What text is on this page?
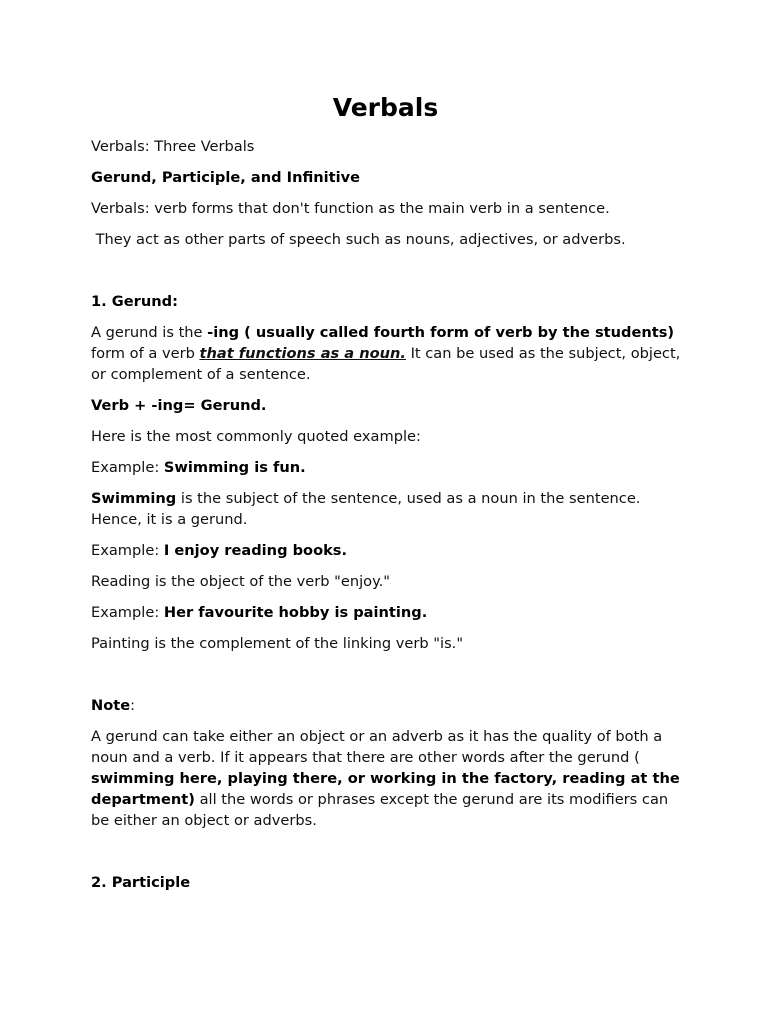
Verbals

Verbals: Three Verbals

Gerund, Participle, and Infinitive

Verbals: verb forms that don't function as the main verb in a sentence.

They act as other parts of speech such as nouns, adjectives, or adverbs.

1. Gerund:

A gerund is the -ing ( usually called fourth form of verb by the students) form of a verb that functions as a noun. It can be used as the subject, object, or complement of a sentence.

Verb + -ing= Gerund.

Here is the most commonly quoted example:

Example: Swimming is fun.

Swimming is the subject of the sentence, used as a noun in the sentence. Hence, it is a gerund.

Example: I enjoy reading books.

Reading is the object of the verb "enjoy."

Example: Her favourite hobby is painting.

Painting is the complement of the linking verb "is."

Note:

A gerund can take either an object or an adverb as it has the quality of both a noun and a verb. If it appears that there are other words after the gerund ( swimming here, playing there, or working in the factory, reading at the department) all the words or phrases except the gerund are its modifiers can be either an object or adverbs.

2. Participle
